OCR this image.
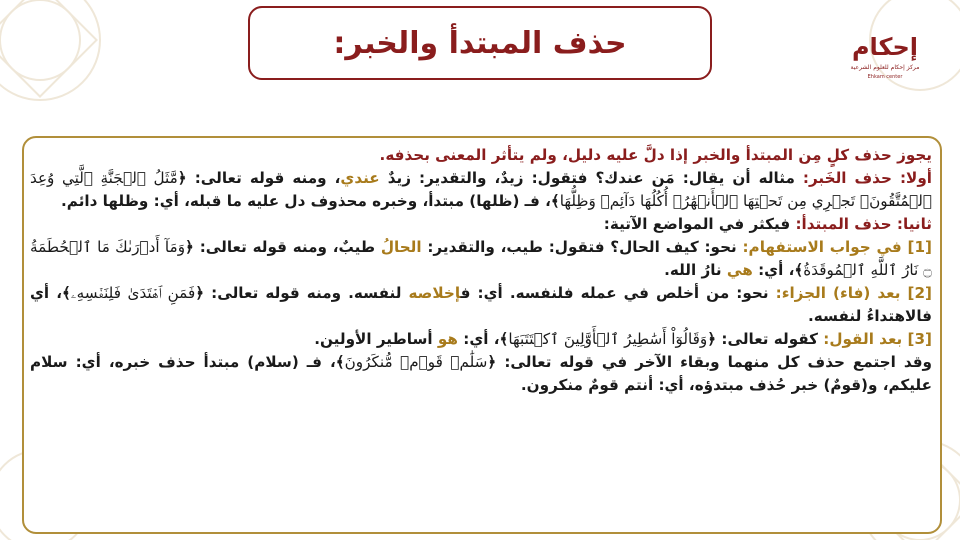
حذف المبتدأ والخبر:	إحكام
مركز إحكام للعلوم الشرعية
Ehkam center

يجوز حذف كلٍ مِن المبتدأ والخبر إذا دلَّ عليه دليل، ولم يتأثر المعنى بحذفه.

أولا: حذف الخَبر: مثاله أن يقال: مَن عندك؟ فتقول: زيدٌ، والتقدير: زيدٌ عندي، ومنه قوله تعالى: ﴿مَّثَلُ ٱلۡجَنَّةِ ٱلَّتِي وُعِدَ ٱلۡمُتَّقُونَۖ تَجۡرِي مِن تَحۡتِهَا ٱلۡأَنۡهَٰرُۖ أُكُلُهَا دَآئِمٞ وَظِلُّهَا﴾، فـ (ظلها) مبتدأ، وخبره محذوف دل عليه ما قبله، أي: وظلها دائم.

ثانيا: حذف المبتدأ: فيكثر في المواضع الآتية:

[1] في جواب الاستفهام: نحو: كيف الحال؟ فتقول: طيب، والتقدير: الحالُ طيبٌ، ومنه قوله تعالى: ﴿وَمَآ أَدۡرَىٰكَ مَا ٱلۡحُطَمَةُ ۝ نَارُ ٱللَّهِ ٱلۡمُوقَدَةُ﴾، أي: هي نارُ الله.

[2] بعد (فاء) الجزاء: نحو: من أخلص في عمله فلنفسه. أي: فإخلاصه لنفسه. ومنه قوله تعالى: ﴿فَمَنِ ٱهۡتَدَىٰ فَلِنَفۡسِهِۦ﴾، أي فالاهتداءُ لنفسه.

[3] بعد القول: كقوله تعالى: ﴿وَقَالُوٓاْ أَسَٰطِيرُ ٱلۡأَوَّلِينَ ٱكۡتَتَبَهَا﴾، أي: هو أساطير الأولين.

وقد اجتمع حذف كل منهما وبقاء الآخر في قوله تعالى: ﴿سَلَٰمٞ قَوۡمٞ مُّنكَرُونَ﴾، فـ (سلام) مبتدأ حذف خبره، أي: سلام عليكم، و(قومٌ) خبر حُذف مبتدؤه، أي: أنتم قومٌ منكرون.
